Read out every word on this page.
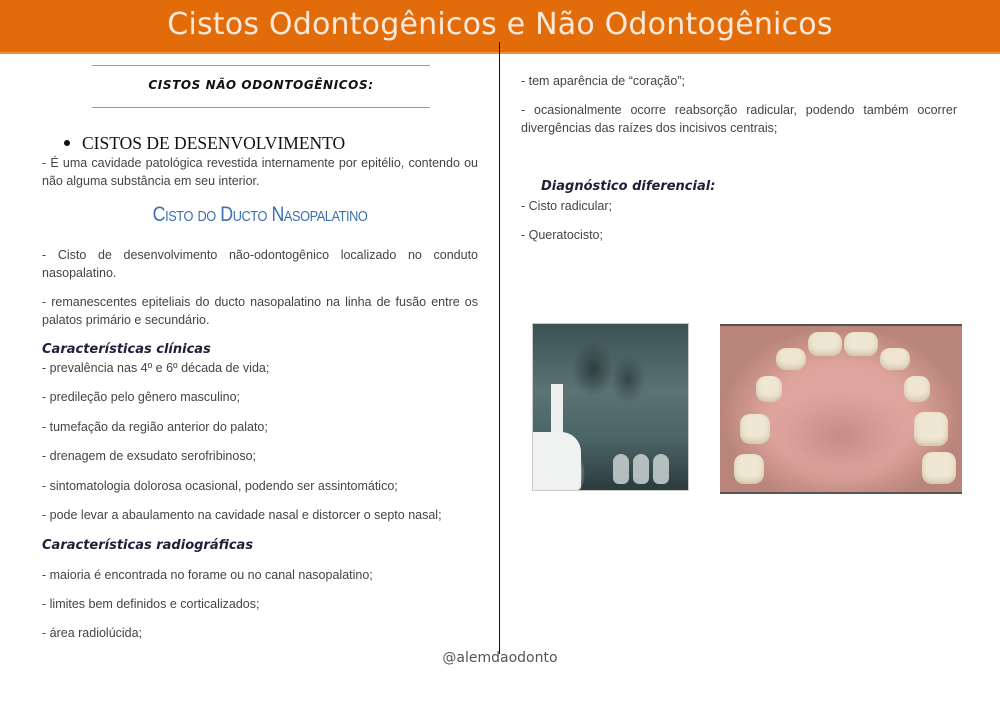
Cistos Odontogênicos e Não Odontogênicos
CISTOS NÃO ODONTOGÊNICOS:
CISTOS DE DESENVOLVIMENTO
- É uma cavidade patológica revestida internamente por epitélio, contendo ou não alguma substância em seu interior.
Cisto do Ducto Nasopalatino
- Cisto de desenvolvimento não-odontogênico localizado no conduto nasopalatino.
- remanescentes epiteliais do ducto nasopalatino na linha de fusão entre os palatos primário e secundário.
Características clínicas
- prevalência nas 4º e 6º década de vida;
- predileção pelo gênero masculino;
- tumefação da região anterior do palato;
- drenagem de exsudato serofribinoso;
- sintomatologia dolorosa ocasional, podendo ser assintomático;
- pode levar a abaulamento na cavidade nasal e distorcer o septo nasal;
Características radiográficas
- maioria é encontrada no forame ou no canal nasopalatino;
- limites bem definidos e corticalizados;
- área radiolúcida;
- tem aparência de “coração”;
- ocasionalmente ocorre reabsorção radicular, podendo também ocorrer divergências das raízes dos incisivos centrais;
Diagnóstico diferencial:
- Cisto radicular;
- Queratocisto;
@alemdaodonto
